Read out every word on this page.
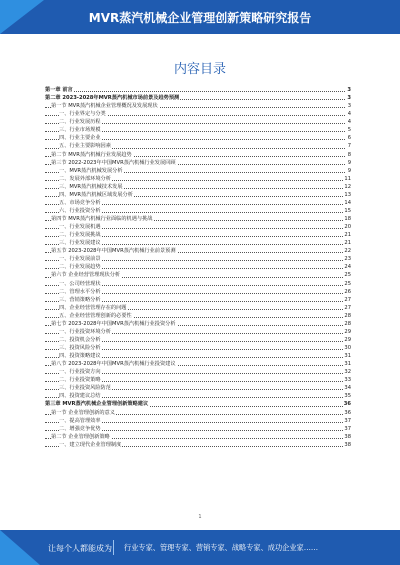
MVR蒸汽机械企业管理创新策略研究报告
内容目录
第一章 前言	3
第二章 2023-2028年MVR蒸汽机械市场前景及趋势预测	3
第一节 MVR蒸汽机械企业管理概况及发展现状	3
一、行业界定与分类	4
二、行业发展历程	4
三、行业市场规模	5
四、行业主要企业	6
五、行业主要影响因素	7
第二节 MVR蒸汽机械行业发展趋势	8
第三节 2022-2023年中国MVR蒸汽机械行业发展回顾	9
一、MVR蒸汽机械发展分析	9
二、发展外部环境分析	11
三、MVR蒸汽机械技术发展	12
四、MVR蒸汽机械区域发展分析	13
五、市场竞争分析	14
六、行业投资分析	15
第四节 MVR蒸汽机械行业面临的机遇与挑战	18
一、行业发展机遇	20
二、行业发展挑战	21
三、行业发展建议	21
第五节 2023-2028年中国MVR蒸汽机械行业前景预测	22
一、行业发展前景	23
二、行业发展趋势	24
第六节 企业经营管理现状分析	25
一、公司经营现状	25
二、管理水平分析	26
三、营销策略分析	27
四、企业经营管理存在的问题	27
五、企业经营管理创新的必要性	28
第七节 2023-2028年中国MVR蒸汽机械行业投资分析	28
一、行业投资环境分析	29
二、投资机会分析	29
三、投资风险分析	30
四、投资策略建议	31
第八节 2023-2028年中国MVR蒸汽机械行业投资建议	31
一、行业投资方向	32
二、行业投资策略	33
三、行业投资风险防范	34
四、投资建议总结	35
第三章 MVR蒸汽机械企业管理创新策略建议	36
第一节 企业管理创新的意义	36
一、提高管理效率	37
二、增强竞争优势	37
第二节 企业管理创新策略	38
一、建立现代企业管理制度	38
1
让每个人都能成为 行业专家、管理专家、营销专家、战略专家、成功企业家……
